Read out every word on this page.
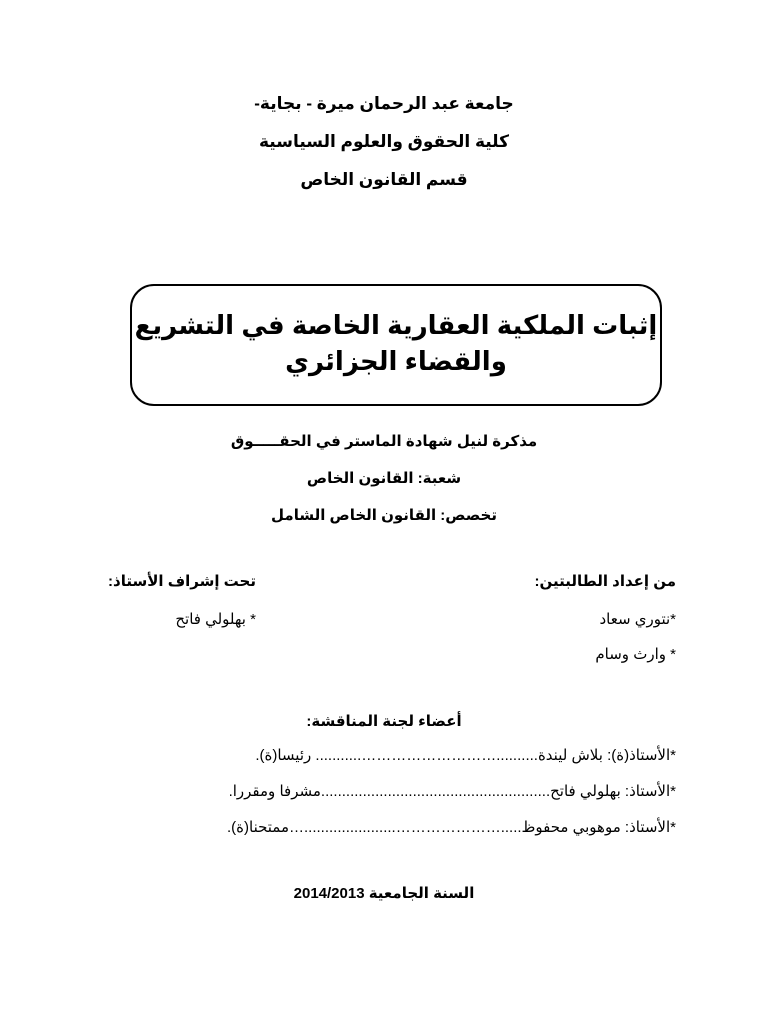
جامعة عبد الرحمان ميرة - بجاية-
كلية الحقوق والعلوم السياسية
قسم القانون الخاص
إثبات الملكية العقارية الخاصة في التشريع
والقضاء الجزائري
مذكرة لنيل شهادة الماستر في الحقـــــوق
شعبة: القانون الخاص
تخصص: القانون الخاص الشامل
من إعداد الطالبتين:
*نتوري سعاد
* وارث وسام
تحت إشراف الأستاذ:
* بهلولي فاتح
أعضاء لجنة المناقشة:
*الأستاذ(ة): بلاش ليندة..........………………………........... رئيسا(ة).
*الأستاذ: بهلولي فاتح.......................................................مشرفا ومقررا.
*الأستاذ: موهوبي محفوظ.....…………………......................…ممتحنا(ة).
السنة الجامعية 2014/2013
